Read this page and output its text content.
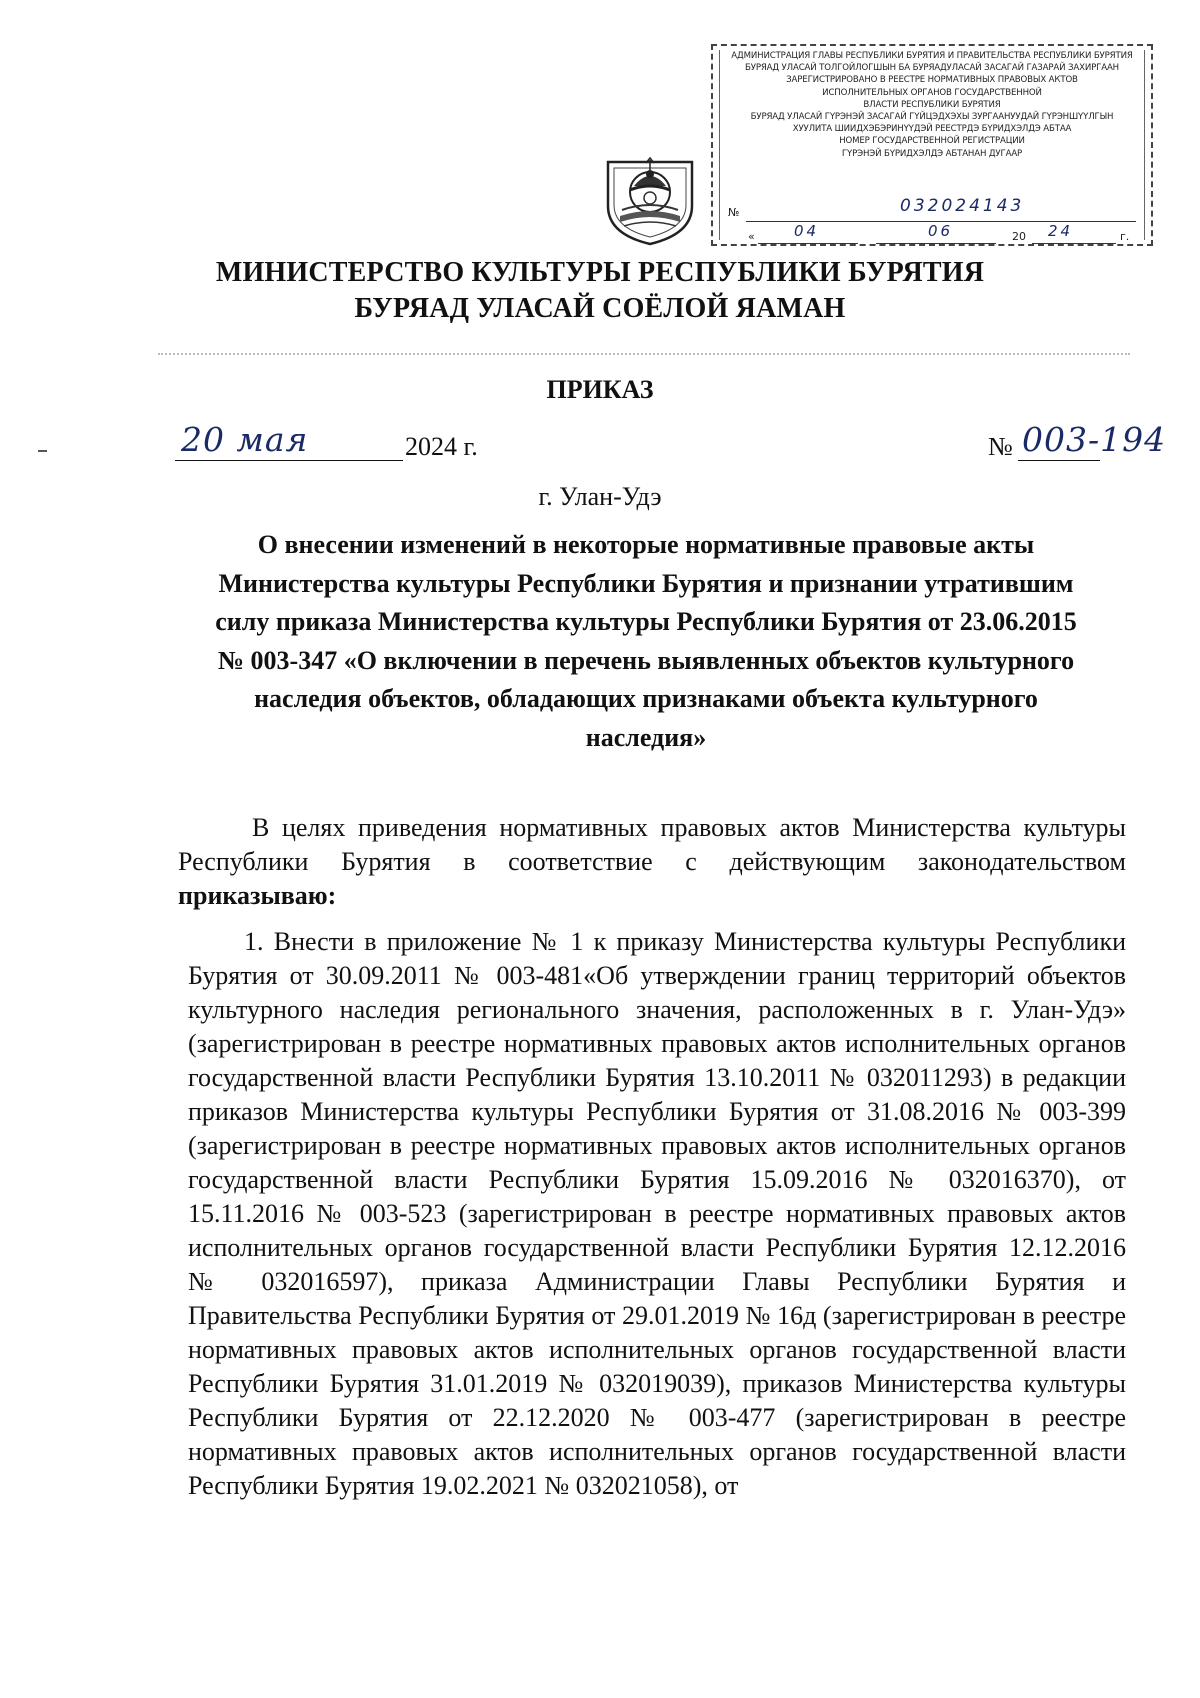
АДМИНИСТРАЦИЯ ГЛАВЫ РЕСПУБЛИКИ БУРЯТИЯ И ПРАВИТЕЛЬСТВА РЕСПУБЛИКИ БУРЯТИЯ
БУРЯАД УЛАСАЙ ТОЛГОЙЛОГШЫН БА БУРЯАДУЛАСАЙ ЗАСАГАЙ ГАЗАРАЙ ЗАХИРГААН
ЗАРЕГИСТРИРОВАНО В РЕЕСТРЕ НОРМАТИВНЫХ ПРАВОВЫХ АКТОВ
ИСПОЛНИТЕЛЬНЫХ ОРГАНОВ ГОСУДАРСТВЕННОЙ
ВЛАСТИ РЕСПУБЛИКИ БУРЯТИЯ
БУРЯАД УЛАСАЙ ГҮРЭНЭЙ ЗАСАГАЙ ГҮЙЦЭДХЭХЫ ЗУРГААНУУДАЙ ГҮРЭНШҮҮЛГЫН
ХУУЛИТА ШИИДХЭБЭРИНҮҮДЭЙ РЕЕСТРДЭ БҮРИДХЭЛДЭ АБТАА
НОМЕР ГОСУДАРСТВЕННОЙ РЕГИСТРАЦИИ
ГҮРЭНЭЙ БҮРИДХЭЛДЭ АБТАHАН ДУГААР
№	032024143
«	04	06	20 24	г.
МИНИСТЕРСТВО КУЛЬТУРЫ РЕСПУБЛИКИ БУРЯТИЯ
БУРЯАД УЛАСАЙ СОЁЛОЙ ЯАМАН
ПРИКАЗ
20 мая	2024 г.	№ 003-194
г. Улан-Удэ
О внесении изменений в некоторые нормативные правовые акты
Министерства культуры Республики Бурятия и признании утратившим
силу приказа Министерства культуры Республики Бурятия от 23.06.2015
№ 003-347 «О включении в перечень выявленных объектов культурного
наследия объектов, обладающих признаками объекта культурного
наследия»
В целях приведения нормативных правовых актов Министерства культуры Республики Бурятия в соответствие с действующим законодательством приказываю:
1. Внести в приложение № 1 к приказу Министерства культуры Республики Бурятия от 30.09.2011 № 003-481«Об утверждении границ территорий объектов культурного наследия регионального значения, расположенных в г. Улан-Удэ» (зарегистрирован в реестре нормативных правовых актов исполнительных органов государственной власти Республики Бурятия 13.10.2011 № 032011293) в редакции приказов Министерства культуры Республики Бурятия от 31.08.2016 № 003-399 (зарегистрирован в реестре нормативных правовых актов исполнительных органов государственной власти Республики Бурятия 15.09.2016 № 032016370), от 15.11.2016 № 003-523 (зарегистрирован в реестре нормативных правовых актов исполнительных органов государственной власти Республики Бурятия 12.12.2016 № 032016597), приказа Администрации Главы Республики Бурятия и Правительства Республики Бурятия от 29.01.2019 № 16д (зарегистрирован в реестре нормативных правовых актов исполнительных органов государственной власти Республики Бурятия 31.01.2019 № 032019039), приказов Министерства культуры Республики Бурятия от 22.12.2020 № 003-477 (зарегистрирован в реестре нормативных правовых актов исполнительных органов государственной власти Республики Бурятия 19.02.2021 № 032021058), от
